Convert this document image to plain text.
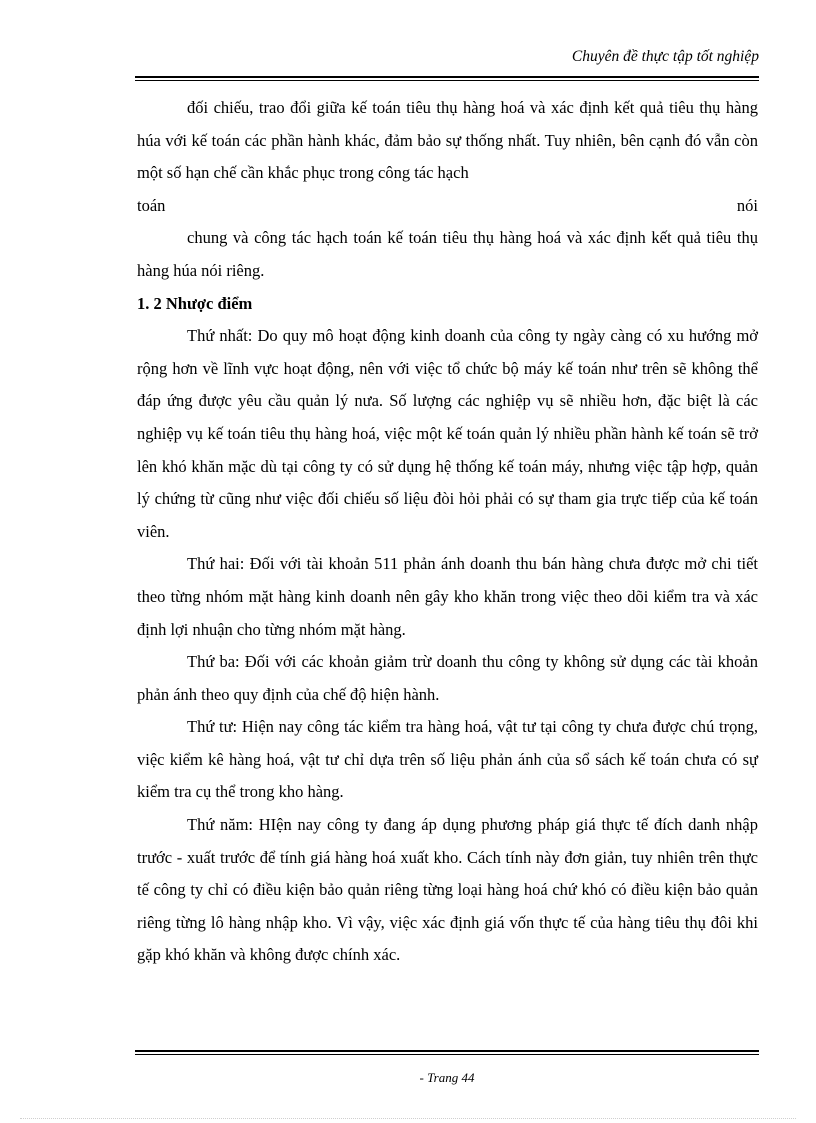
Chuyên đề thực tập tốt nghiệp

đối chiếu, trao đổi giữa kế toán tiêu thụ hàng hoá và xác định kết quả tiêu thụ hàng húa với kế toán các phần hành khác, đảm bảo sự thống nhất. Tuy nhiên, bên cạnh đó vẫn còn một số hạn chế cần khắc phục trong công tác hạch

toán	nói

chung và công tác hạch toán kế toán tiêu thụ hàng hoá và xác định kết quả tiêu thụ hàng húa nói riêng.

1. 2 Nhược điểm

Thứ nhất: Do quy mô hoạt động kinh doanh của công ty ngày càng có xu hướng mở rộng hơn về lĩnh vực hoạt động, nên với việc tổ chức bộ máy kế toán như trên sẽ không thể đáp ứng được yêu cầu quản lý nưa. Số lượng các nghiệp vụ sẽ nhiều hơn, đặc biệt là các nghiệp vụ kế toán tiêu thụ hàng hoá, việc một kế toán quản lý nhiều phần hành kế toán sẽ trở lên khó khăn mặc dù tại công ty có sử dụng hệ thống kế toán máy, nhưng việc tập hợp, quản lý chứng từ cũng như việc đối chiếu số liệu đòi hỏi phải có sự tham gia trực tiếp của kế toán viên.

Thứ hai: Đối với tài khoản 511 phản ánh doanh thu bán hàng chưa được mở chi tiết theo từng nhóm mặt hàng kinh doanh nên gây kho khăn trong việc theo dõi kiểm tra và xác định lợi nhuận cho từng nhóm mặt hàng.

Thứ ba: Đối với các khoản giảm trừ doanh thu công ty không sử dụng các tài khoản phản ánh theo quy định của chế độ hiện hành.

Thứ tư: Hiện nay công tác kiểm tra hàng hoá, vật tư tại công ty chưa được chú trọng, việc kiểm kê hàng hoá, vật tư chỉ dựa trên số liệu phản ánh của sổ sách kế toán chưa có sự kiểm tra cụ thể trong kho hàng.

Thứ năm: HIện nay công ty đang áp dụng phương pháp giá thực tế đích danh nhập trước - xuất trước để tính giá hàng hoá xuất kho. Cách tính này đơn giản, tuy nhiên trên thực tế công ty chỉ có điều kiện bảo quản riêng từng loại hàng hoá chứ khó có điều kiện bảo quản riêng từng lô hàng nhập kho. Vì vậy, việc xác định giá vốn thực tế của hàng tiêu thụ đôi khi gặp khó khăn và không được chính xác.

- Trang 44
